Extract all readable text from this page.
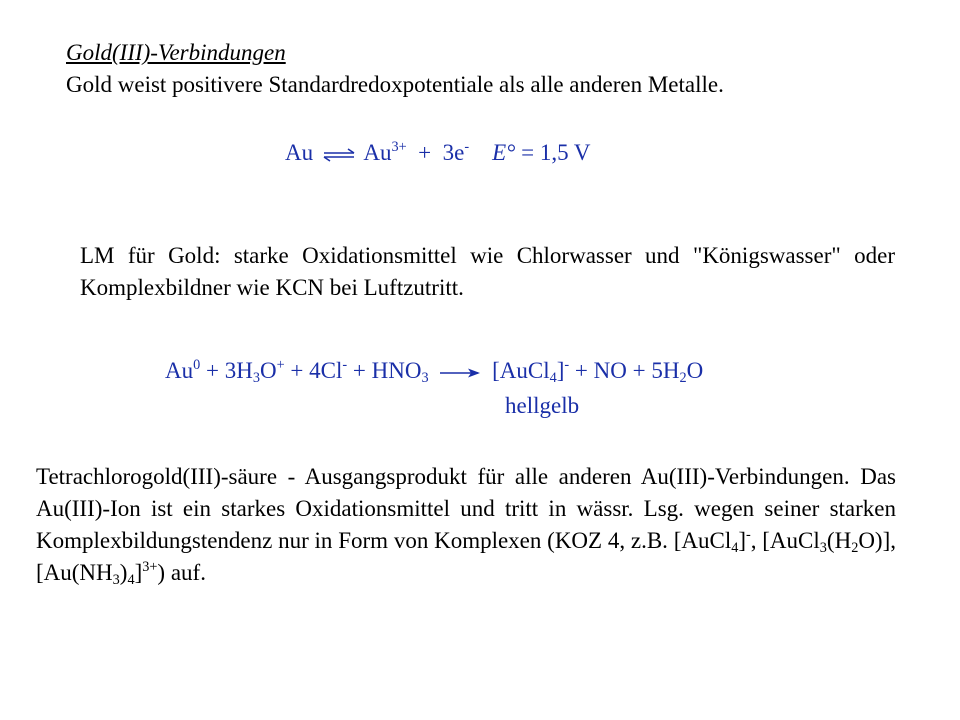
Gold(III)-Verbindungen
Gold weist positivere Standardredoxpotentiale als alle anderen Metalle.
Au ⇌ $Au^{3+} + 3e^-$ E° = 1,5 V
LM für Gold: starke Oxidationsmittel wie Chlorwasser und "Königswasser" oder Komplexbildner wie KCN bei Luftzutritt.
$Au^0 + 3H_3O^+ + 4Cl^- + HNO_3$ → [AuCl$_4$]- + NO + $5H_2O$
hellgelb
Tetrachlorogold(III)-säure - Ausgangsprodukt für alle anderen Au(III)-Verbindungen. Das Au(III)-Ion ist ein starkes Oxidationsmittel und tritt in wässr. Lsg. wegen seiner starken Komplexbildungstendenz nur in Form von Komplexen (KOZ 4, z.B. [AuCl$_4$]-, $[AuCl_3(H_2O)]$, $[Au(NH_3)_4]^{3+}$) auf.
